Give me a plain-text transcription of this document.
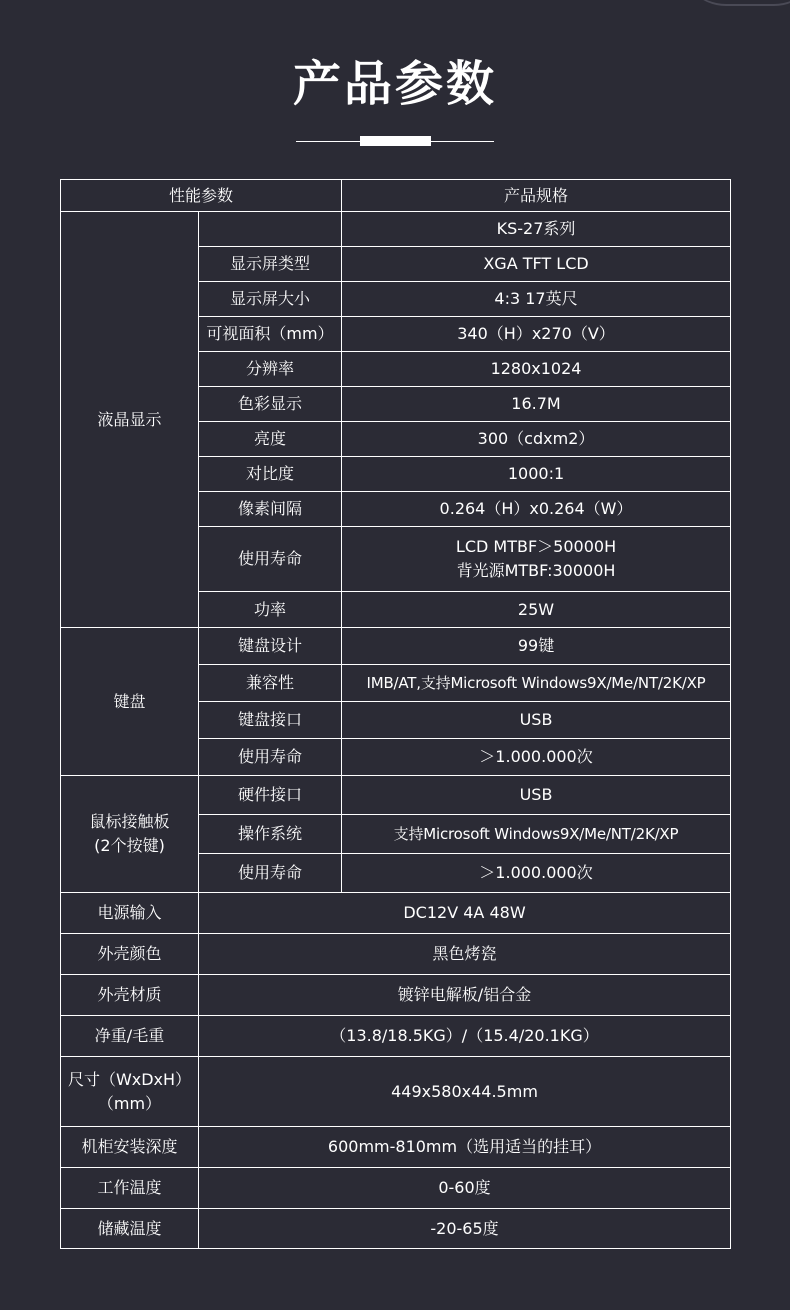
产品参数
性能参数		产品规格
液晶显示		KS-27系列
	显示屏类型	XGA TFT LCD
	显示屏大小	4:3 17英尺
	可视面积（mm）	340（H）x270（V）
	分辨率	1280x1024
	色彩显示	16.7M
	亮度	300（cdxm2）
	对比度	1000:1
	像素间隔	0.264（H）x0.264（W）
	使用寿命	LCD MTBF＞50000H
背光源MTBF:30000H

	功率	25W
键盘	键盘设计	99键
	兼容性	IMB/AT,支持Microsoft Windows9X/Me/NT/2K/XP
	键盘接口	USB
	使用寿命	＞1.000.000次

鼠标接触板
(2个按键)	硬件接口	USB
	操作系统	支持Microsoft Windows9X/Me/NT/2K/XP
	使用寿命	＞1.000.000次
电源输入	DC12V 4A 48W	
外壳颜色	黑色烤瓷	
外壳材质	镀锌电解板/铝合金	
净重/毛重	（13.8/18.5KG）/（15.4/20.1KG）	

尺寸（WxDxH）
（mm）	449x580x44.5mm	
机柜安装深度	600mm-810mm（选用适当的挂耳）	
工作温度	0-60度	
储藏温度	-20-65度	
